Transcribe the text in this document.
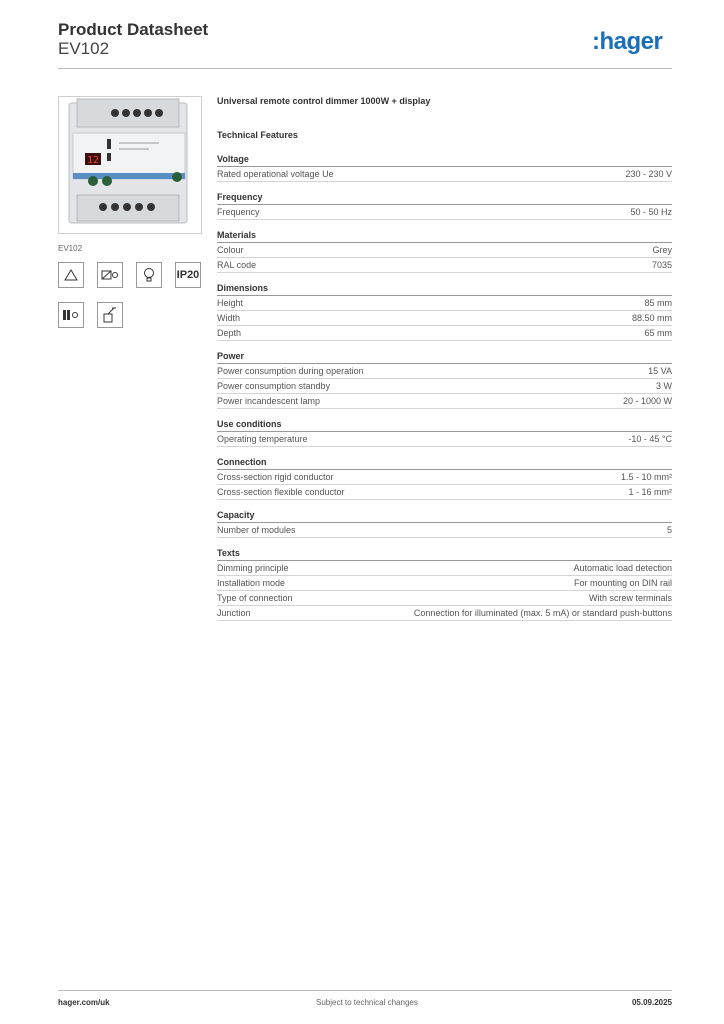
Product Datasheet
EV102	:hager
12
EV102
IP20
Universal remote control dimmer 1000W + display
Technical Features
Voltage
Rated operational voltage Ue	230 - 230 V
Frequency
Frequency	50 - 50 Hz
Materials
Colour	Grey
RAL code	7035
Dimensions
Height	85 mm
Width	88.50 mm
Depth	65 mm
Power
Power consumption during operation	15 VA
Power consumption standby	3 W
Power incandescent lamp	20 - 1000 W
Use conditions
Operating temperature	-10 - 45 °C
Connection
Cross-section rigid conductor	1.5 - 10 mm²
Cross-section flexible conductor	1 - 16 mm²
Capacity
Number of modules	5
Texts
Dimming principle	Automatic load detection
Installation mode	For mounting on DIN rail
Type of connection	With screw terminals
Junction	Connection for illuminated (max. 5 mA) or standard push-buttons
hager.com/uk	Subject to technical changes	05.09.2025
